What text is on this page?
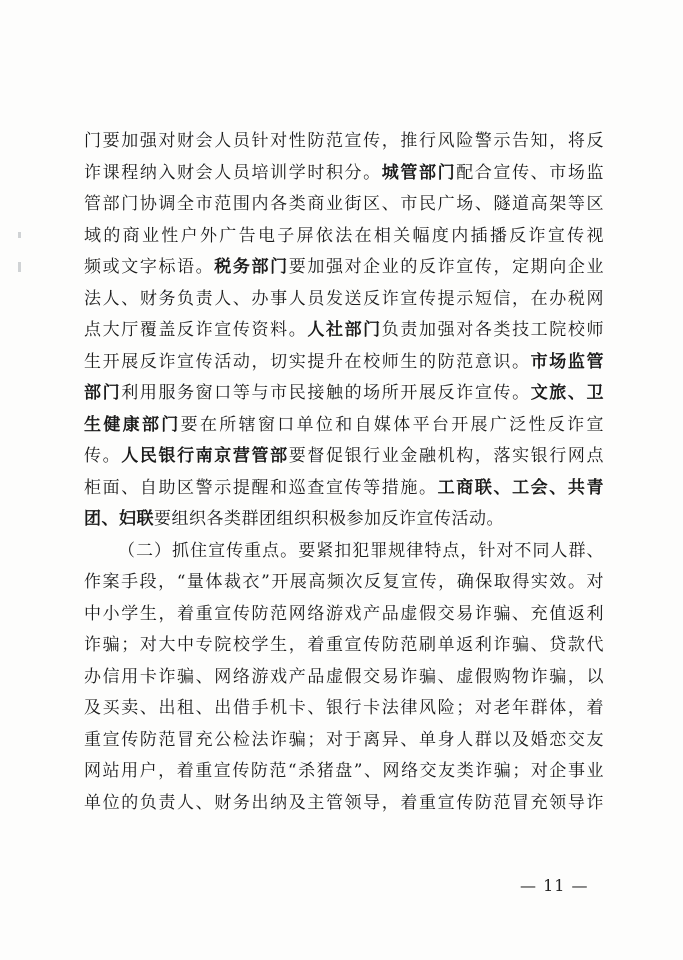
门要加强对财会人员针对性防范宣传，推行风险警示告知，将反
诈课程纳入财会人员培训学时积分。城管部门配合宣传、市场监
管部门协调全市范围内各类商业街区、市民广场、隧道高架等区
域的商业性户外广告电子屏依法在相关幅度内插播反诈宣传视
频或文字标语。税务部门要加强对企业的反诈宣传，定期向企业
法人、财务负责人、办事人员发送反诈宣传提示短信，在办税网
点大厅覆盖反诈宣传资料。人社部门负责加强对各类技工院校师
生开展反诈宣传活动，切实提升在校师生的防范意识。市场监管
部门利用服务窗口等与市民接触的场所开展反诈宣传。文旅、卫
生健康部门要在所辖窗口单位和自媒体平台开展广泛性反诈宣
传。人民银行南京营管部要督促银行业金融机构，落实银行网点
柜面、自助区警示提醒和巡查宣传等措施。工商联、工会、共青
团、妇联要组织各类群团组织积极参加反诈宣传活动。
（二）抓住宣传重点。要紧扣犯罪规律特点，针对不同人群、
作案手段，“量体裁衣”开展高频次反复宣传，确保取得实效。对
中小学生，着重宣传防范网络游戏产品虚假交易诈骗、充值返利
诈骗；对大中专院校学生，着重宣传防范刷单返利诈骗、贷款代
办信用卡诈骗、网络游戏产品虚假交易诈骗、虚假购物诈骗，以
及买卖、出租、出借手机卡、银行卡法律风险；对老年群体，着
重宣传防范冒充公检法诈骗；对于离异、单身人群以及婚恋交友
网站用户，着重宣传防范“杀猪盘”、网络交友类诈骗；对企事业
单位的负责人、财务出纳及主管领导，着重宣传防范冒充领导诈
— 11 —
